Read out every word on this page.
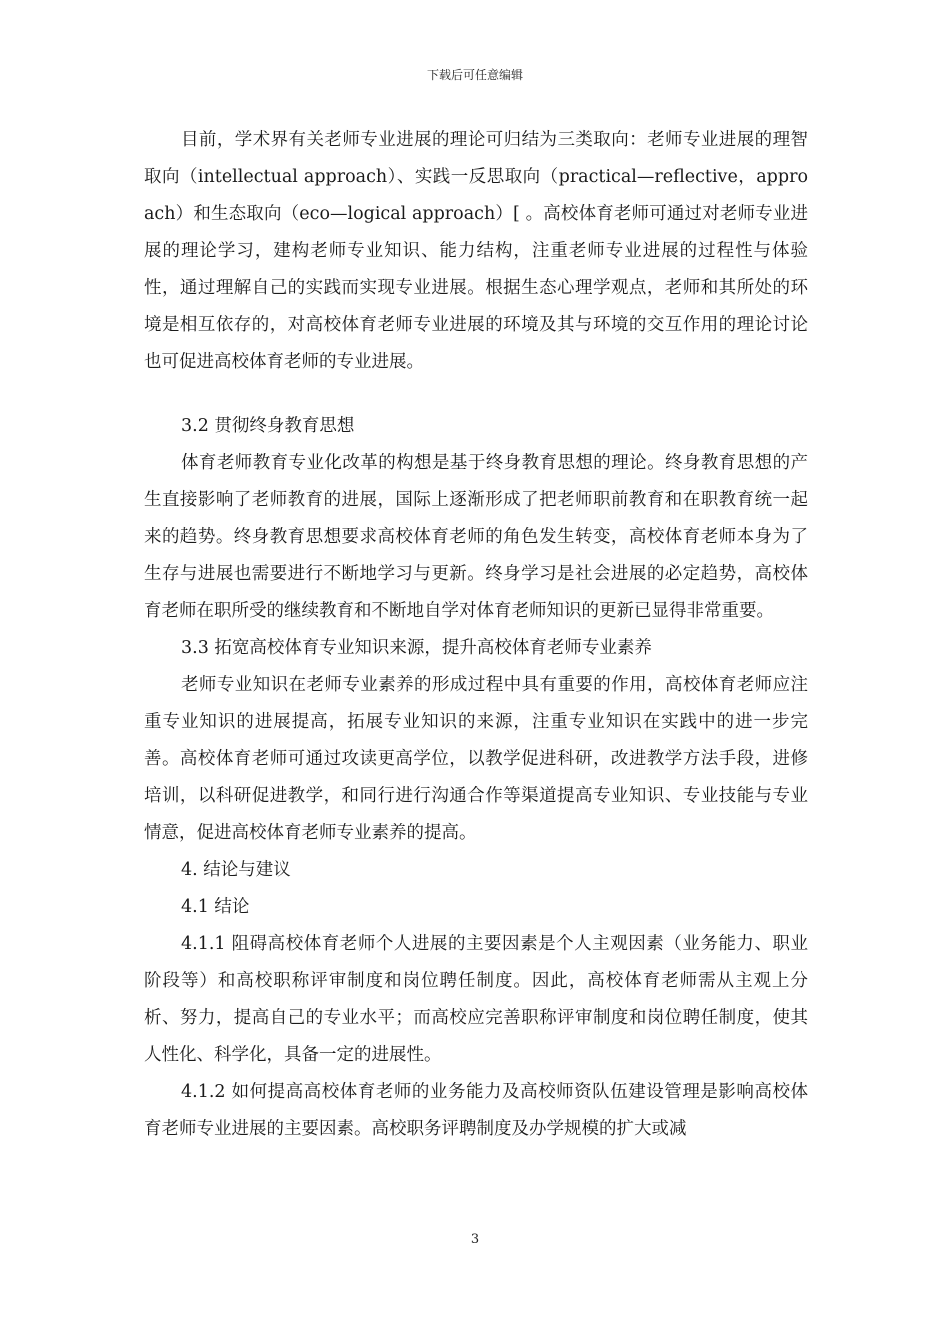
下载后可任意编辑

目前，学术界有关老师专业进展的理论可归结为三类取向：老师专业进展的理智取向（intellectual approach）、实践一反思取向（practical—reflective，approach）和生态取向（eco—logical approach）[ 。高校体育老师可通过对老师专业进展的理论学习，建构老师专业知识、能力结构，注重老师专业进展的过程性与体验性，通过理解自己的实践而实现专业进展。根据生态心理学观点，老师和其所处的环境是相互依存的，对高校体育老师专业进展的环境及其与环境的交互作用的理论讨论也可促进高校体育老师的专业进展。

3.2 贯彻终身教育思想

体育老师教育专业化改革的构想是基于终身教育思想的理论。终身教育思想的产生直接影响了老师教育的进展，国际上逐渐形成了把老师职前教育和在职教育统一起来的趋势。终身教育思想要求高校体育老师的角色发生转变，高校体育老师本身为了生存与进展也需要进行不断地学习与更新。终身学习是社会进展的必定趋势，高校体育老师在职所受的继续教育和不断地自学对体育老师知识的更新已显得非常重要。

3.3 拓宽高校体育专业知识来源，提升高校体育老师专业素养

老师专业知识在老师专业素养的形成过程中具有重要的作用，高校体育老师应注重专业知识的进展提高，拓展专业知识的来源，注重专业知识在实践中的进一步完善。高校体育老师可通过攻读更高学位，以教学促进科研，改进教学方法手段，进修培训，以科研促进教学，和同行进行沟通合作等渠道提高专业知识、专业技能与专业情意，促进高校体育老师专业素养的提高。

4. 结论与建议

4.1 结论

4.1.1 阻碍高校体育老师个人进展的主要因素是个人主观因素（业务能力、职业阶段等）和高校职称评审制度和岗位聘任制度。因此，高校体育老师需从主观上分析、努力，提高自己的专业水平；而高校应完善职称评审制度和岗位聘任制度，使其人性化、科学化，具备一定的进展性。

4.1.2 如何提高高校体育老师的业务能力及高校师资队伍建设管理是影响高校体育老师专业进展的主要因素。高校职务评聘制度及办学规模的扩大或减

3
